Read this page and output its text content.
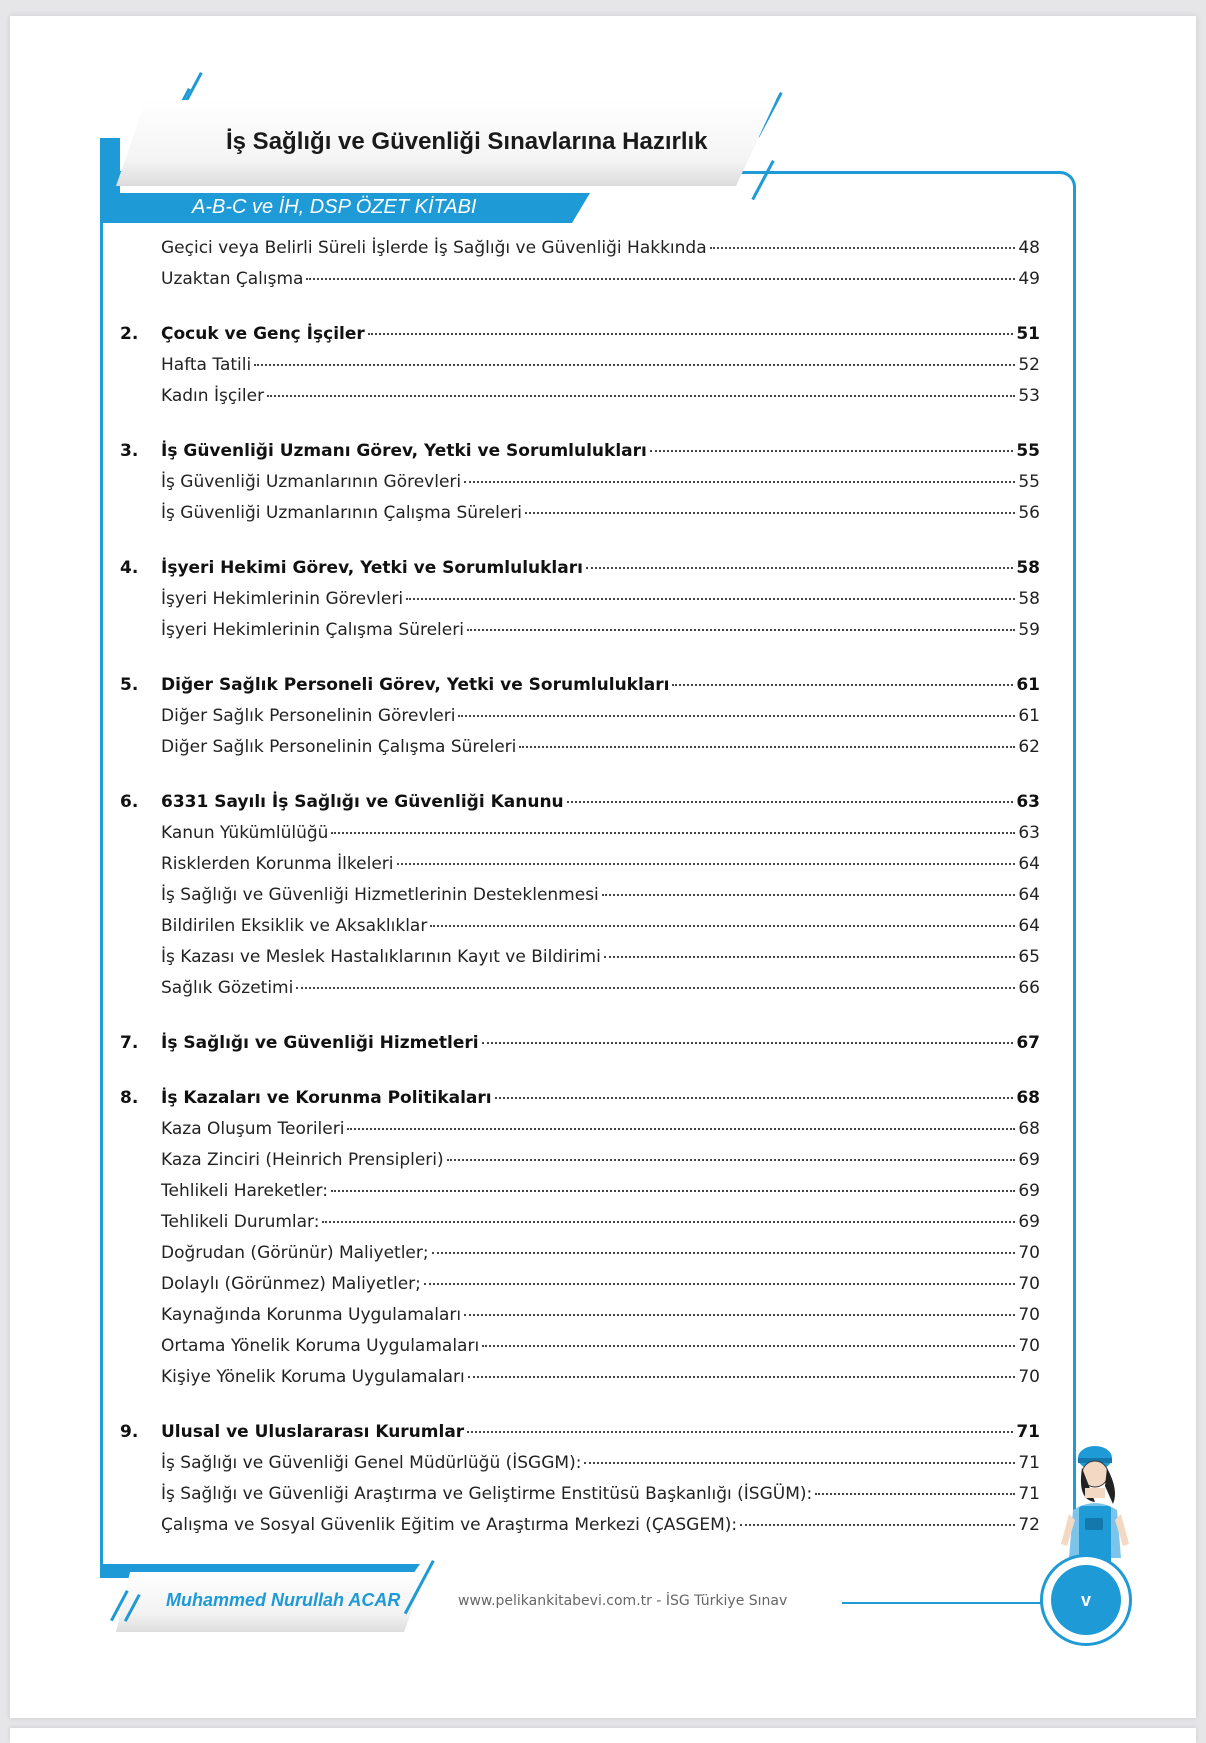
İş Sağlığı ve Güvenliği Sınavlarına Hazırlık
A-B-C ve İH, DSP ÖZET KİTABI
Geçici veya Belirli Süreli İşlerde İş Sağlığı ve Güvenliği Hakkında	48
Uzaktan Çalışma	49
2.	Çocuk ve Genç İşçiler	51
Hafta Tatili	52
Kadın İşçiler	53
3.	İş Güvenliği Uzmanı Görev, Yetki ve Sorumlulukları	55
İş Güvenliği Uzmanlarının Görevleri	55
İş Güvenliği Uzmanlarının Çalışma Süreleri	56
4.	İşyeri Hekimi Görev, Yetki ve Sorumlulukları	58
İşyeri Hekimlerinin Görevleri	58
İşyeri Hekimlerinin Çalışma Süreleri	59
5.	Diğer Sağlık Personeli Görev, Yetki ve Sorumlulukları	61
Diğer Sağlık Personelinin Görevleri	61
Diğer Sağlık Personelinin Çalışma Süreleri	62
6.	6331 Sayılı İş Sağlığı ve Güvenliği Kanunu	63
Kanun Yükümlülüğü	63
Risklerden Korunma İlkeleri	64
İş Sağlığı ve Güvenliği Hizmetlerinin Desteklenmesi	64
Bildirilen Eksiklik ve Aksaklıklar	64
İş Kazası ve Meslek Hastalıklarının Kayıt ve Bildirimi	65
Sağlık Gözetimi	66
7.	İş Sağlığı ve Güvenliği Hizmetleri	67
8.	İş Kazaları ve Korunma Politikaları	68
Kaza Oluşum Teorileri	68
Kaza Zinciri (Heinrich Prensipleri)	69
Tehlikeli Hareketler:	69
Tehlikeli Durumlar:	69
Doğrudan (Görünür) Maliyetler;	70
Dolaylı (Görünmez) Maliyetler;	70
Kaynağında Korunma Uygulamaları	70
Ortama Yönelik Koruma Uygulamaları	70
Kişiye Yönelik Koruma Uygulamaları	70
9.	Ulusal ve Uluslararası Kurumlar	71
İş Sağlığı ve Güvenliği Genel Müdürlüğü (İSGGM):	71
İş Sağlığı ve Güvenliği Araştırma ve Geliştirme Enstitüsü Başkanlığı (İSGÜM):	71
Çalışma ve Sosyal Güvenlik Eğitim ve Araştırma Merkezi (ÇASGEM):	72
Muhammed Nurullah ACAR	www.pelikankitabevi.com.tr - İSG Türkiye Sınav	v
